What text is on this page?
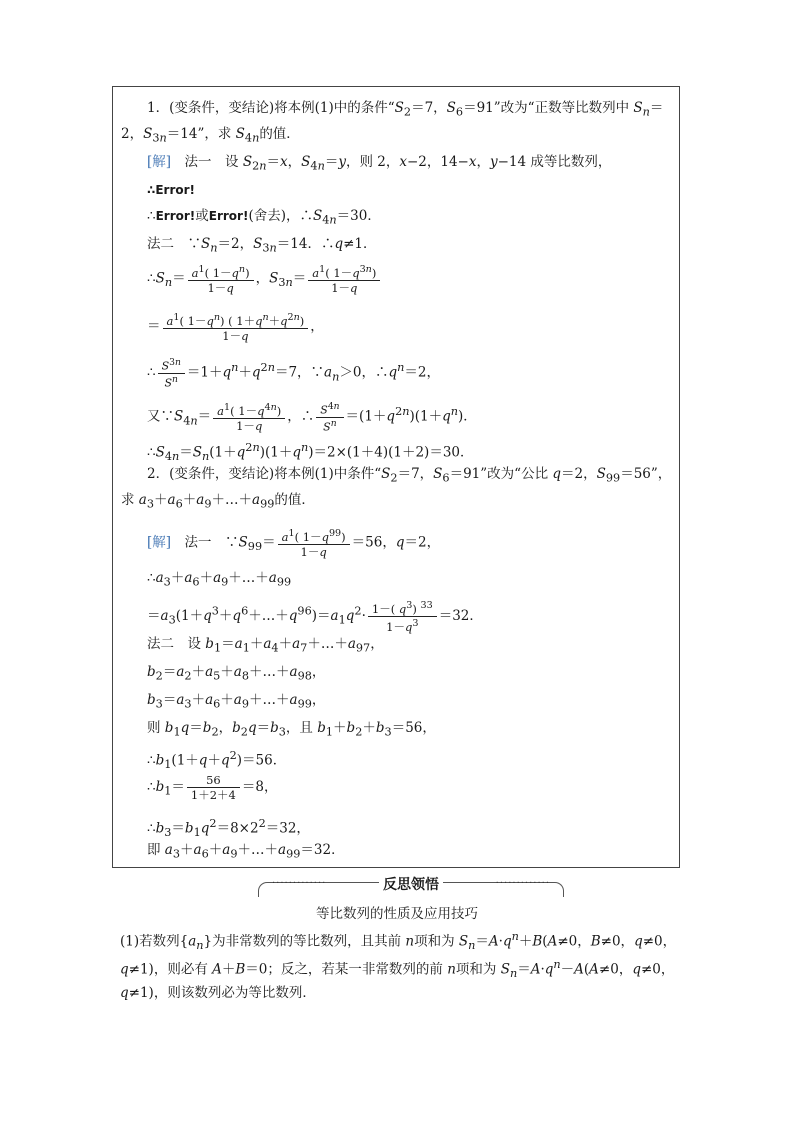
1．(变条件，变结论)将本例(1)中的条件“$S_2=7$，$S_6=91$”改为“正数等比数列中 $S_n=$
2，$S_{3n}=14$”，求 $S_{4n}$的值．
[解]　 法一　设 $S_{2n}=x$，$S_{4n}=y$，则 2，x−2，14−x，y−14 成等比数列，
∴Error!
∴Error!或Error!(舍去)，$\therefore S_{4n}=30$．
法二　$\because S_n=2$，$S_{3n}=14$．∴q≠1．
$\therefore S_n= \frac{a^1( 1-q^n)}{1-q}$ ，$S_{3n}= \frac{a^1( 1-q^{3n})}{1-q}$
＝ $\frac{a^1( 1-q^n) ( 1+q^n+q^{2n})}{1-q}$ ，
∴ $\frac{S^{3n}}{S^n} =1+q^n+q^{2n}=7$，$\because a_n>0$，$\therefore q^n=2$，
又$\because S_{4n}= \frac{a^1( 1-q^{4n})}{1-q}$ ，∴ $\frac{S^{4n}}{S^n} =(1+q^{2n})(1+q^n)$．
$\therefore S_{4n}=S_n(1+q^{2n})(1+q^n)=2\times(1+4)(1+2)=30$．
2．(变条件，变结论)将本例(1)中条件“$S_2=7$，$S_6=91$”改为“公比 q＝2，$S_{99}=56$”，
求 $a_3+a_6+a_9+\dots+a_{99}$的值．
[解]　 法一　$\because S_{99}= \frac{a^1( 1-q^{99})}{1-q} =56$，q＝2，
$\therefore a_3+a_6+a_9+\dots+a_{99}$
$=a_3(1+q^3+q^6+\dots+q^{96})=a_1q^2\cdot \frac{1-( q^3) ^{33}}{1-q^3} =32$．
法二　设 $b_1=a_1+a_4+a_7+\dots+a_{97}$，
$b_2=a_2+a_5+a_8+\dots+a_{98}$，
$b_3=a_3+a_6+a_9+\dots+a_{99}$，
则 $b_1q=b_2$，$b_2q=b_3$，且 $b_1+b_2+b_3=56$，
$\therefore b_1(1+q+q^2)=56$．
$\therefore b_1= \frac{56}{1+2+4} =8$，
$\therefore b_3=b_1q^2=8\times 2^2=32$，
即 $a_3+a_6+a_9+\dots+a_{99}=32$．
·············	·············
反思领悟
等比数列的性质及应用技巧
(1)若数列$\{a_n\}$为非常数列的等比数列，且其前 n项和为 $S_n=A\cdot q^n+B(A\ne 0$，B≠0，q≠0，
q≠1)，则必有 A＋B＝0；反之，若某一非常数列的前 n项和为 $S_n=A\cdot q^n-A(A\ne 0$，q≠0，
q≠1)，则该数列必为等比数列．
